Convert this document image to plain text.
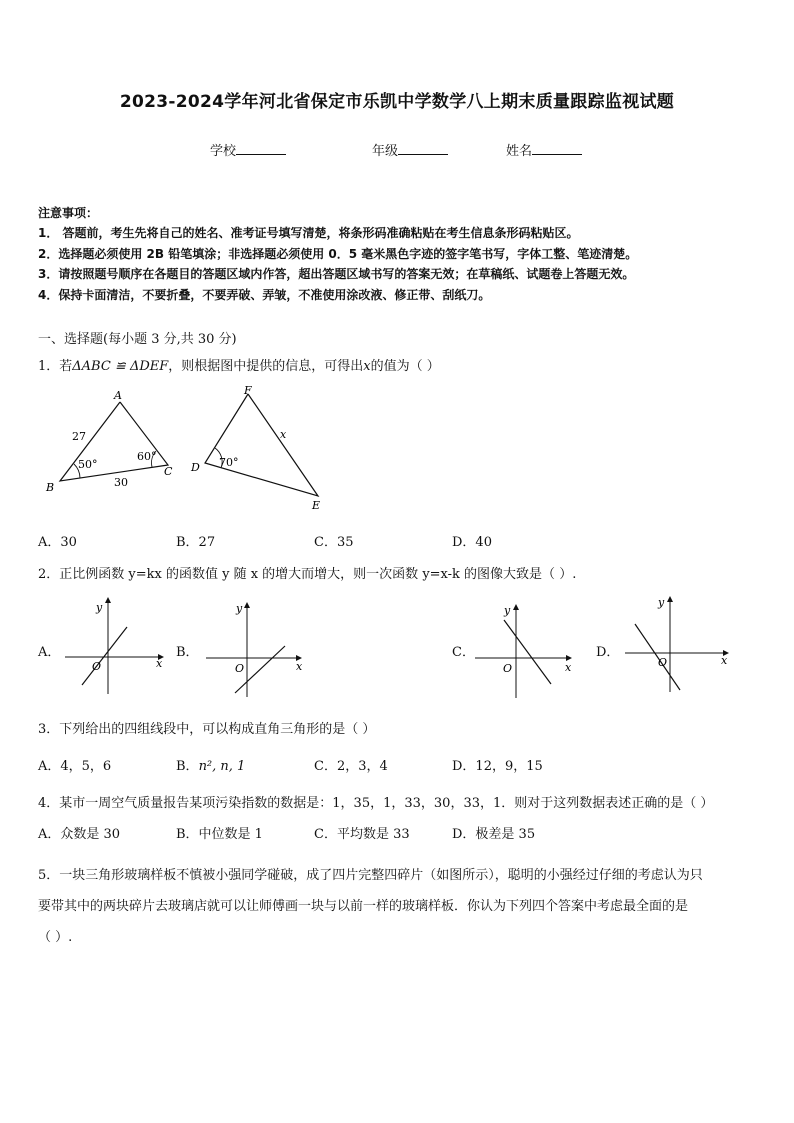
2023-2024学年河北省保定市乐凯中学数学八上期末质量跟踪监视试题
学校	年级	姓名
注意事项：
1． 答题前，考生先将自己的姓名、准考证号填写清楚，将条形码准确粘贴在考生信息条形码粘贴区。
2．选择题必须使用 2B 铅笔填涂；非选择题必须使用 0．5 毫米黑色字迹的签字笔书写，字体工整、笔迹清楚。
3．请按照题号顺序在各题目的答题区域内作答，超出答题区域书写的答案无效；在草稿纸、试题卷上答题无效。
4．保持卡面清洁，不要折叠，不要弄破、弄皱，不准使用涂改液、修正带、刮纸刀。
一、选择题(每小题 3 分,共 30 分)
1．若ΔABC ≌ ΔDEF，则根据图中提供的信息，可得出x的值为（ ）
A
B
C
27
30
50°
60°
F
D
E
x
70°
A．30	B．27	C．35	D．40
2．正比例函数 y=kx 的函数值 y 随 x 的增大而增大，则一次函数 y=x-k 的图像大致是（ ）.
A．
y
x
O
B．
y
x
O
C．
y
x
O
D．
y
x
O
3．下列给出的四组线段中，可以构成直角三角形的是（ ）
A．4，5，6	B．n², n, 1	C．2，3，4	D．12，9，15
4．某市一周空气质量报告某项污染指数的数据是：1，35，1，33，30，33，1．则对于这列数据表述正确的是（ ）
A．众数是 30	B．中位数是 1	C．平均数是 33	D．极差是 35
5．一块三角形玻璃样板不慎被小强同学碰破，成了四片完整四碎片（如图所示），聪明的小强经过仔细的考虑认为只
要带其中的两块碎片去玻璃店就可以让师傅画一块与以前一样的玻璃样板．你认为下列四个答案中考虑最全面的是
（ ）.
